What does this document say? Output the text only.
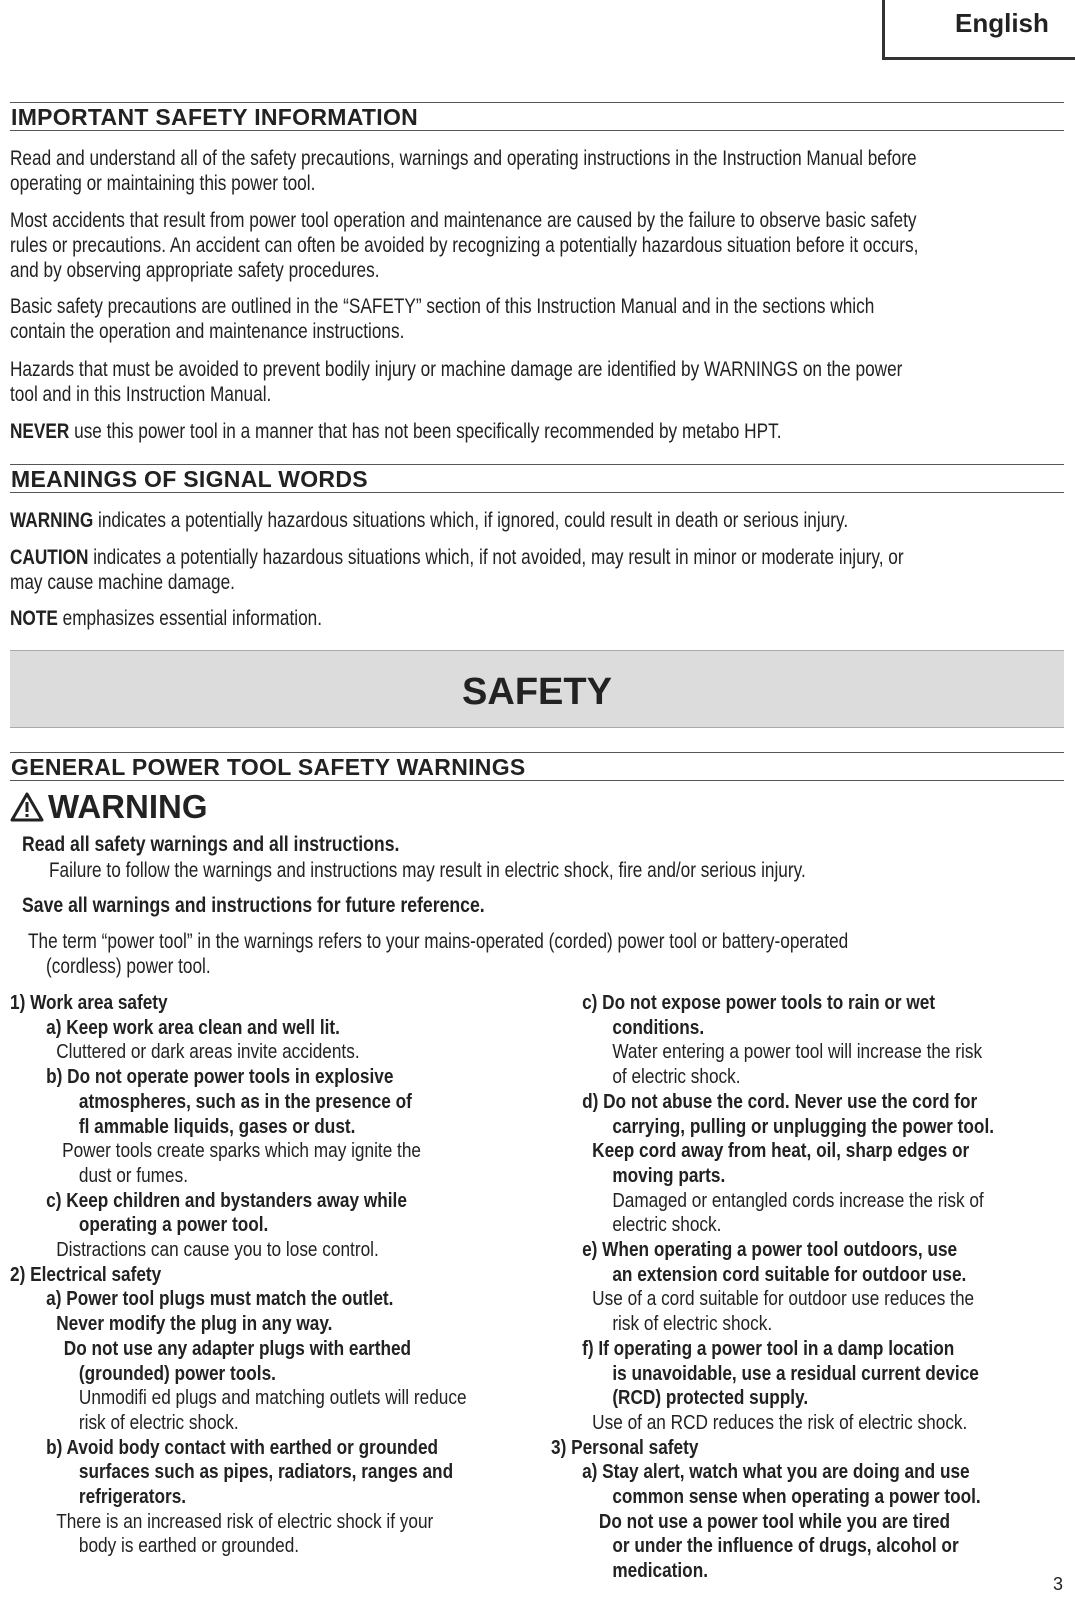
English
IMPORTANT SAFETY INFORMATION
Read and understand all of the safety precautions, warnings and operating instructions in the Instruction Manual before
operating or maintaining this power tool.
Most accidents that result from power tool operation and maintenance are caused by the failure to observe basic safety
rules or precautions. An accident can often be avoided by recognizing a potentially hazardous situation before it occurs,
and by observing appropriate safety procedures.
Basic safety precautions are outlined in the “SAFETY” section of this Instruction Manual and in the sections which
contain the operation and maintenance instructions.
Hazards that must be avoided to prevent bodily injury or machine damage are identified by WARNINGS on the power
tool and in this Instruction Manual.
NEVER use this power tool in a manner that has not been specifically recommended by metabo HPT.
MEANINGS OF SIGNAL WORDS
WARNING indicates a potentially hazardous situations which, if ignored, could result in death or serious injury.
CAUTION indicates a potentially hazardous situations which, if not avoided, may result in minor or moderate injury, or
may cause machine damage.
NOTE emphasizes essential information.
SAFETY
GENERAL POWER TOOL SAFETY WARNINGS
WARNING
Read all safety warnings and all instructions.
Failure to follow the warnings and instructions may result in electric shock, fire and/or serious injury.
Save all warnings and instructions for future reference.
The term “power tool” in the warnings refers to your mains-operated (corded) power tool or battery-operated
(cordless) power tool.
1) Work area safety
a) Keep work area clean and well lit.
Cluttered or dark areas invite accidents.
b) Do not operate power tools in explosive
atmospheres, such as in the presence of
fl ammable liquids, gases or dust.
Power tools create sparks which may ignite the
dust or fumes.
c) Keep children and bystanders away while
operating a power tool.
Distractions can cause you to lose control.
2) Electrical safety
a) Power tool plugs must match the outlet.
Never modify the plug in any way.
Do not use any adapter plugs with earthed
(grounded) power tools.
Unmodifi ed plugs and matching outlets will reduce
risk of electric shock.
b) Avoid body contact with earthed or grounded
surfaces such as pipes, radiators, ranges and
refrigerators.
There is an increased risk of electric shock if your
body is earthed or grounded.
c) Do not expose power tools to rain or wet
conditions.
Water entering a power tool will increase the risk
of electric shock.
d) Do not abuse the cord. Never use the cord for
carrying, pulling or unplugging the power tool.
Keep cord away from heat, oil, sharp edges or
moving parts.
Damaged or entangled cords increase the risk of
electric shock.
e) When operating a power tool outdoors, use
an extension cord suitable for outdoor use.
Use of a cord suitable for outdoor use reduces the
risk of electric shock.
f) If operating a power tool in a damp location
is unavoidable, use a residual current device
(RCD) protected supply.
Use of an RCD reduces the risk of electric shock.
3) Personal safety
a) Stay alert, watch what you are doing and use
common sense when operating a power tool.
Do not use a power tool while you are tired
or under the influence of drugs, alcohol or
medication.
3
